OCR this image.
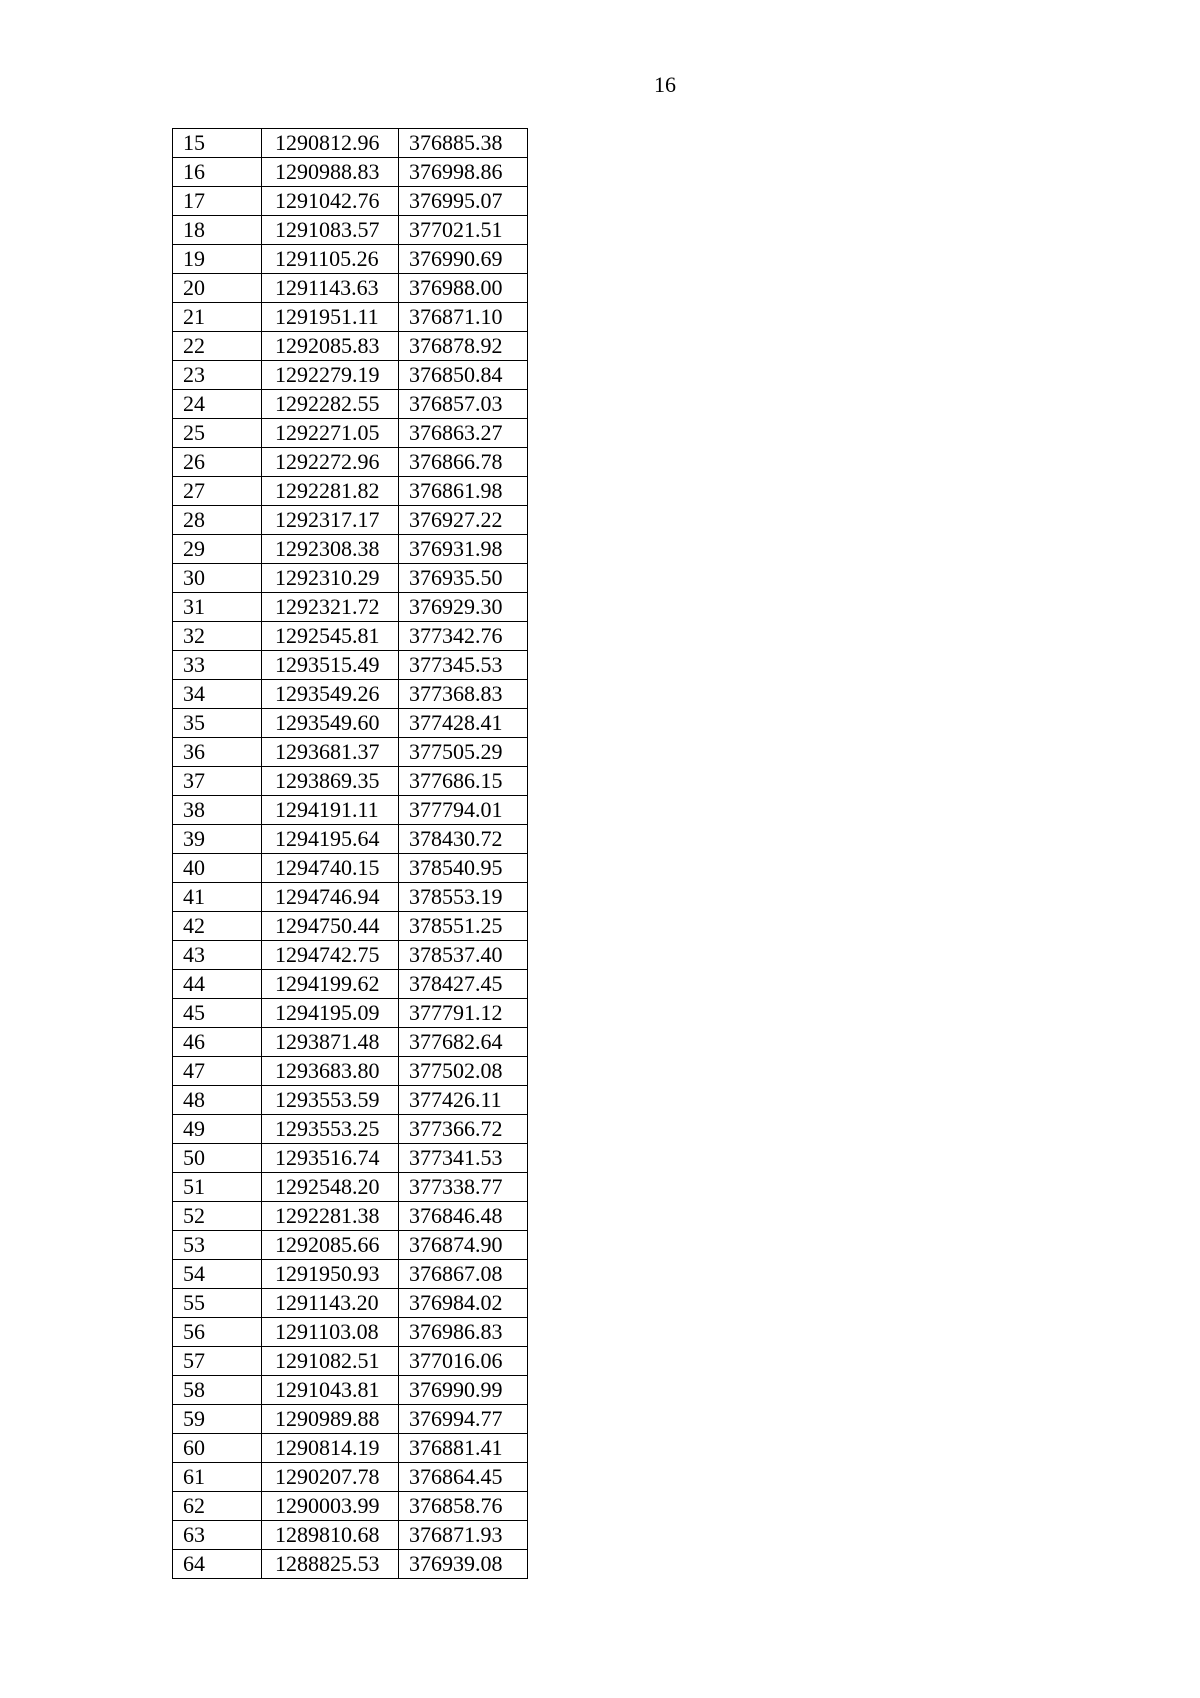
16
15	1290812.96	376885.38
16	1290988.83	376998.86
17	1291042.76	376995.07
18	1291083.57	377021.51
19	1291105.26	376990.69
20	1291143.63	376988.00
21	1291951.11	376871.10
22	1292085.83	376878.92
23	1292279.19	376850.84
24	1292282.55	376857.03
25	1292271.05	376863.27
26	1292272.96	376866.78
27	1292281.82	376861.98
28	1292317.17	376927.22
29	1292308.38	376931.98
30	1292310.29	376935.50
31	1292321.72	376929.30
32	1292545.81	377342.76
33	1293515.49	377345.53
34	1293549.26	377368.83
35	1293549.60	377428.41
36	1293681.37	377505.29
37	1293869.35	377686.15
38	1294191.11	377794.01
39	1294195.64	378430.72
40	1294740.15	378540.95
41	1294746.94	378553.19
42	1294750.44	378551.25
43	1294742.75	378537.40
44	1294199.62	378427.45
45	1294195.09	377791.12
46	1293871.48	377682.64
47	1293683.80	377502.08
48	1293553.59	377426.11
49	1293553.25	377366.72
50	1293516.74	377341.53
51	1292548.20	377338.77
52	1292281.38	376846.48
53	1292085.66	376874.90
54	1291950.93	376867.08
55	1291143.20	376984.02
56	1291103.08	376986.83
57	1291082.51	377016.06
58	1291043.81	376990.99
59	1290989.88	376994.77
60	1290814.19	376881.41
61	1290207.78	376864.45
62	1290003.99	376858.76
63	1289810.68	376871.93
64	1288825.53	376939.08
